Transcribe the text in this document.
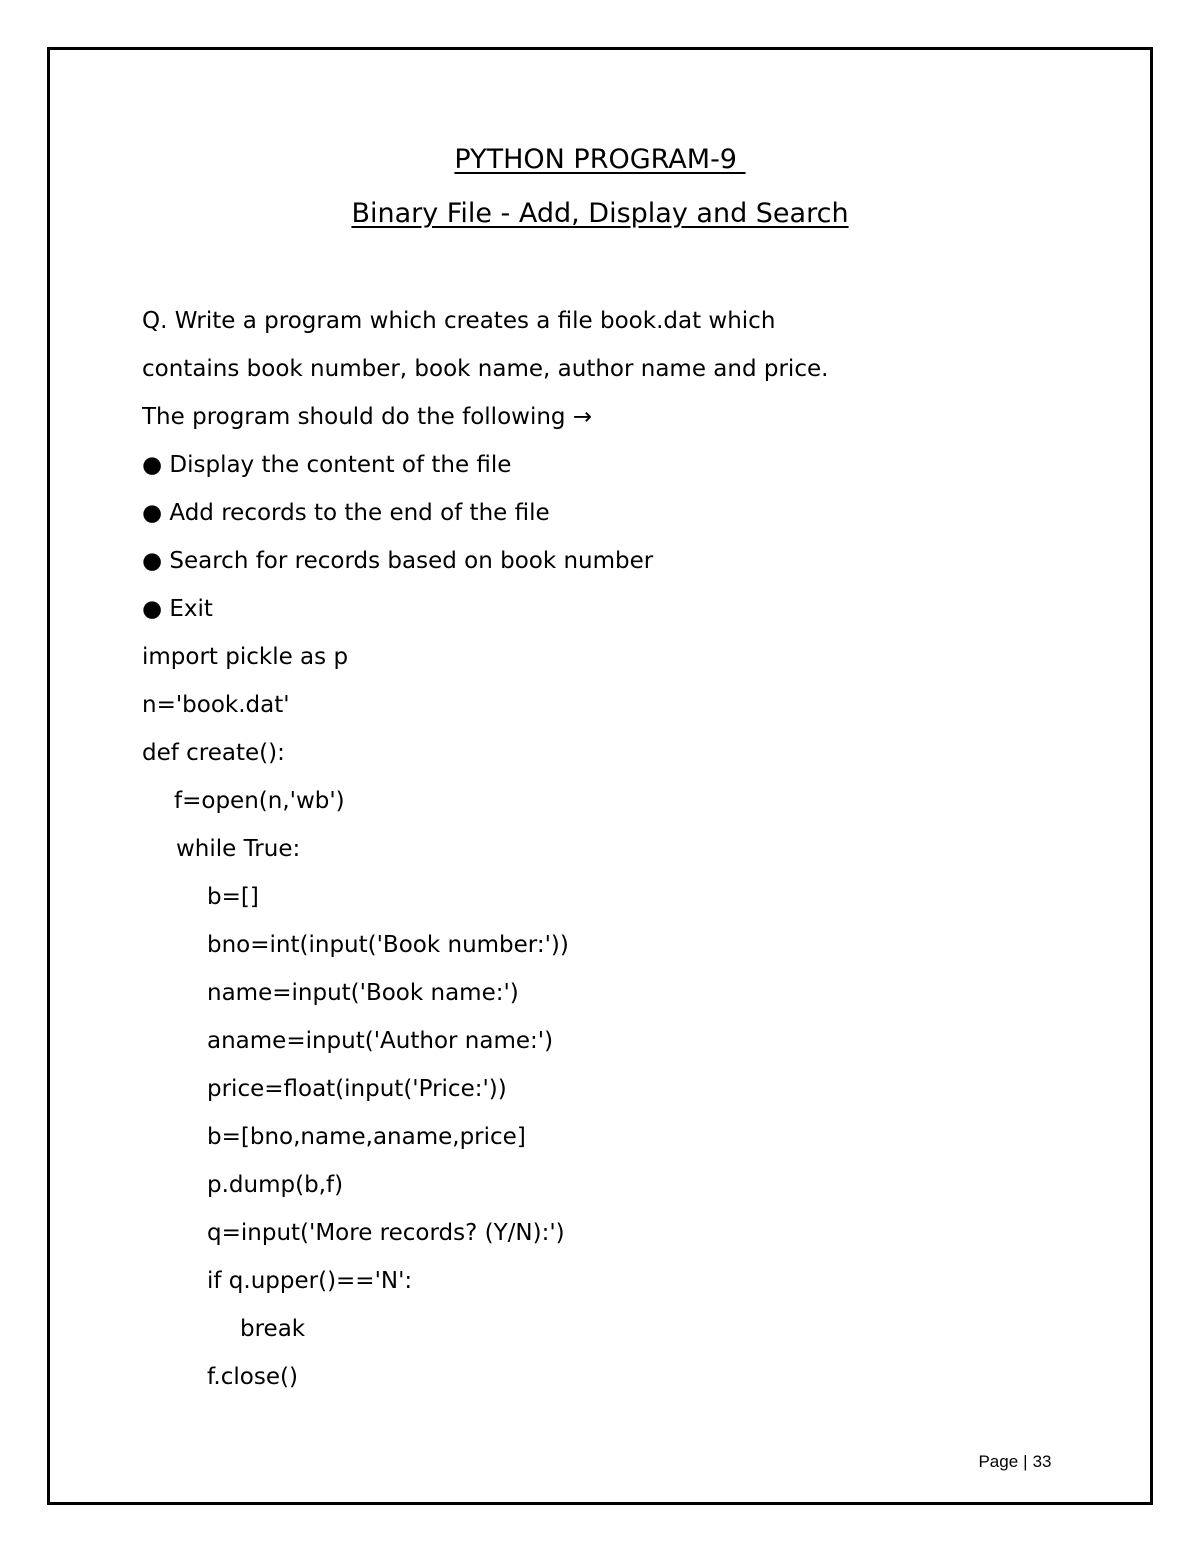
PYTHON PROGRAM-9
Binary File - Add, Display and Search
Q. Write a program which creates a file book.dat which
contains book number, book name, author name and price.
The program should do the following →
● Display the content of the file
● Add records to the end of the file
● Search for records based on book number
● Exit
import pickle as p
n='book.dat'
def create():
f=open(n,'wb')
while True:
b=[]
bno=int(input('Book number:'))
name=input('Book name:')
aname=input('Author name:')
price=float(input('Price:'))
b=[bno,name,aname,price]
p.dump(b,f)
q=input('More records? (Y/N):')
if q.upper()=='N':
break
f.close()

Page | 33
